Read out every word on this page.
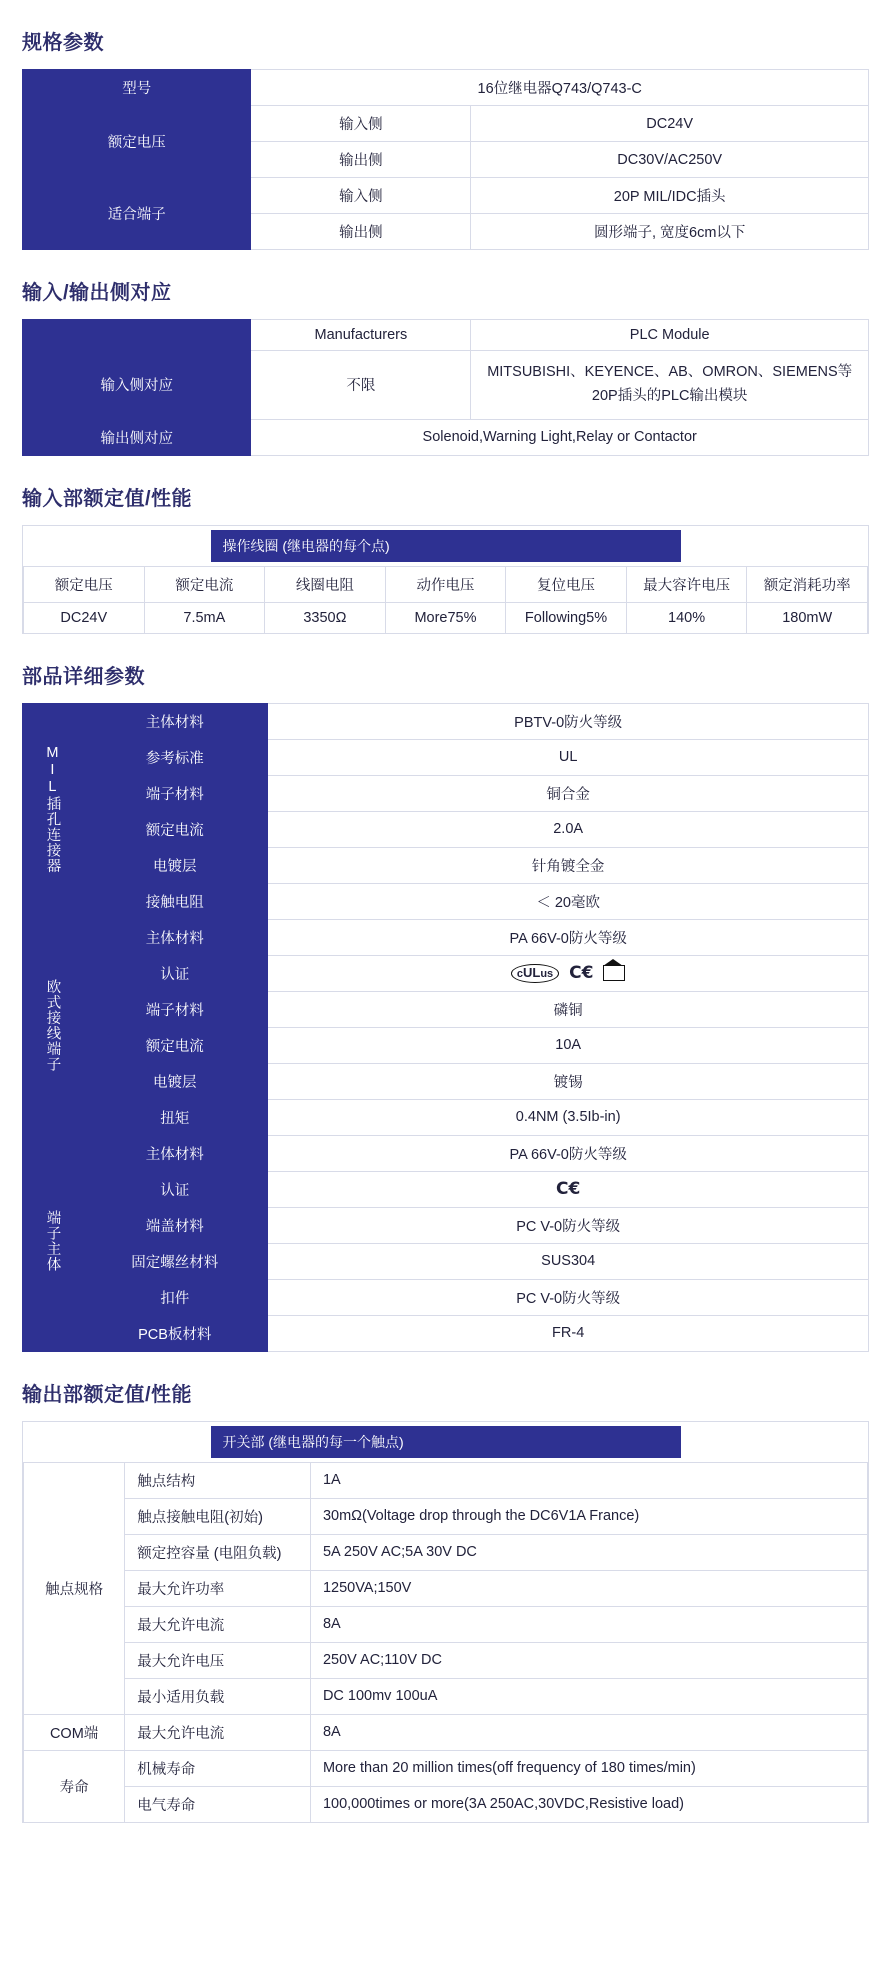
规格参数
型号	16位继电器Q743/Q743-C	
额定电压	输入侧	DC24V
	输出侧	DC30V/AC250V
适合端子	输入侧	20P MIL/IDC插头
	输出侧	圆形端子, 宽度6cm以下
输入/输出侧对应
	Manufacturers	PLC Module
输入侧对应	不限	MITSUBISHI、KEYENCE、AB、OMRON、SIEMENS等20P插头的PLC输出模块
输出侧对应	Solenoid,Warning Light,Relay or Contactor	
输入部额定值/性能
操作线圈 (继电器的每个点)						
额定电压	额定电流	线圈电阻	动作电压	复位电压	最大容许电压	额定消耗功率
DC24V	7.5mA	3350Ω	More75%	Following5%	140%	180mW
部品详细参数
MIL插孔连接器	主体材料	PBTV-0防火等级
	参考标准	UL
	端子材料	铜合金
	额定电流	2.0A
	电镀层	针角镀全金
	接触电阻	＜ 20毫欧
欧式接线端子	主体材料	PA 66V-0防火等级
	认证	cULus C€

	端子材料	磷铜
	额定电流	10A
	电镀层	镀锡
	扭矩	0.4NM (3.5Ib-in)
端子主体	主体材料	PA 66V-0防火等级
	认证	C€

	端盖材料	PC V-0防火等级
	固定螺丝材料	SUS304
	扣件	PC V-0防火等级
	PCB板材料	FR-4
输出部额定值/性能
开关部 (继电器的每一个触点)		
触点规格	触点结构	1A
	触点接触电阻(初始)	30mΩ(Voltage drop through the DC6V1A France)
	额定控容量 (电阻负载)	5A 250V AC;5A 30V DC
	最大允许功率	1250VA;150V
	最大允许电流	8A
	最大允许电压	250V AC;110V DC
	最小适用负载	DC 100mv 100uA
COM端	最大允许电流	8A
寿命	机械寿命	More than 20 million times(off frequency of 180 times/min)
	电气寿命	100,000times or more(3A 250AC,30VDC,Resistive load)
